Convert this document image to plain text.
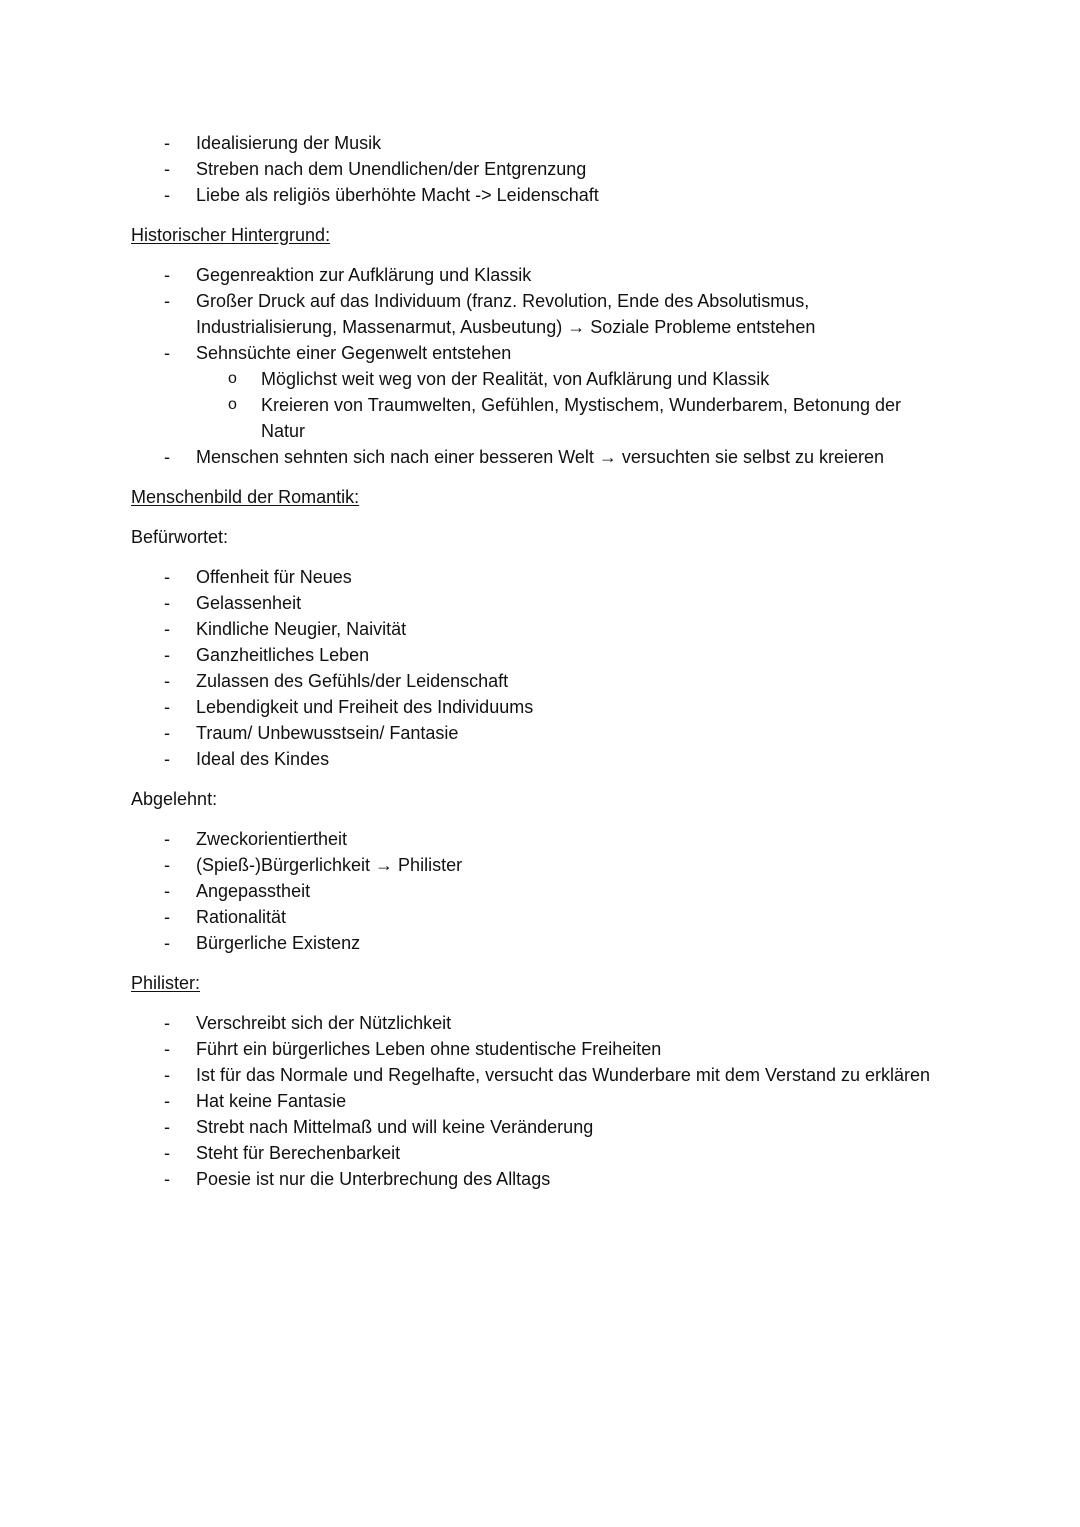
- Idealisierung der Musik
- Streben nach dem Unendlichen/der Entgrenzung
- Liebe als religiös überhöhte Macht -> Leidenschaft
Historischer Hintergrund:
- Gegenreaktion zur Aufklärung und Klassik
- Großer Druck auf das Individuum (franz. Revolution, Ende des Absolutismus, Industrialisierung, Massenarmut, Ausbeutung) → Soziale Probleme entstehen
- Sehnsüchte einer Gegenwelt entstehen
o Möglichst weit weg von der Realität, von Aufklärung und Klassik
o Kreieren von Traumwelten, Gefühlen, Mystischem, Wunderbarem, Betonung der Natur
- Menschen sehnten sich nach einer besseren Welt → versuchten sie selbst zu kreieren
Menschenbild der Romantik:
Befürwortet:
- Offenheit für Neues
- Gelassenheit
- Kindliche Neugier, Naivität
- Ganzheitliches Leben
- Zulassen des Gefühls/der Leidenschaft
- Lebendigkeit und Freiheit des Individuums
- Traum/ Unbewusstsein/ Fantasie
- Ideal des Kindes
Abgelehnt:
- Zweckorientiertheit
- (Spieß-)Bürgerlichkeit → Philister
- Angepasstheit
- Rationalität
- Bürgerliche Existenz
Philister:
- Verschreibt sich der Nützlichkeit
- Führt ein bürgerliches Leben ohne studentische Freiheiten
- Ist für das Normale und Regelhafte, versucht das Wunderbare mit dem Verstand zu erklären
- Hat keine Fantasie
- Strebt nach Mittelmaß und will keine Veränderung
- Steht für Berechenbarkeit
- Poesie ist nur die Unterbrechung des Alltags
